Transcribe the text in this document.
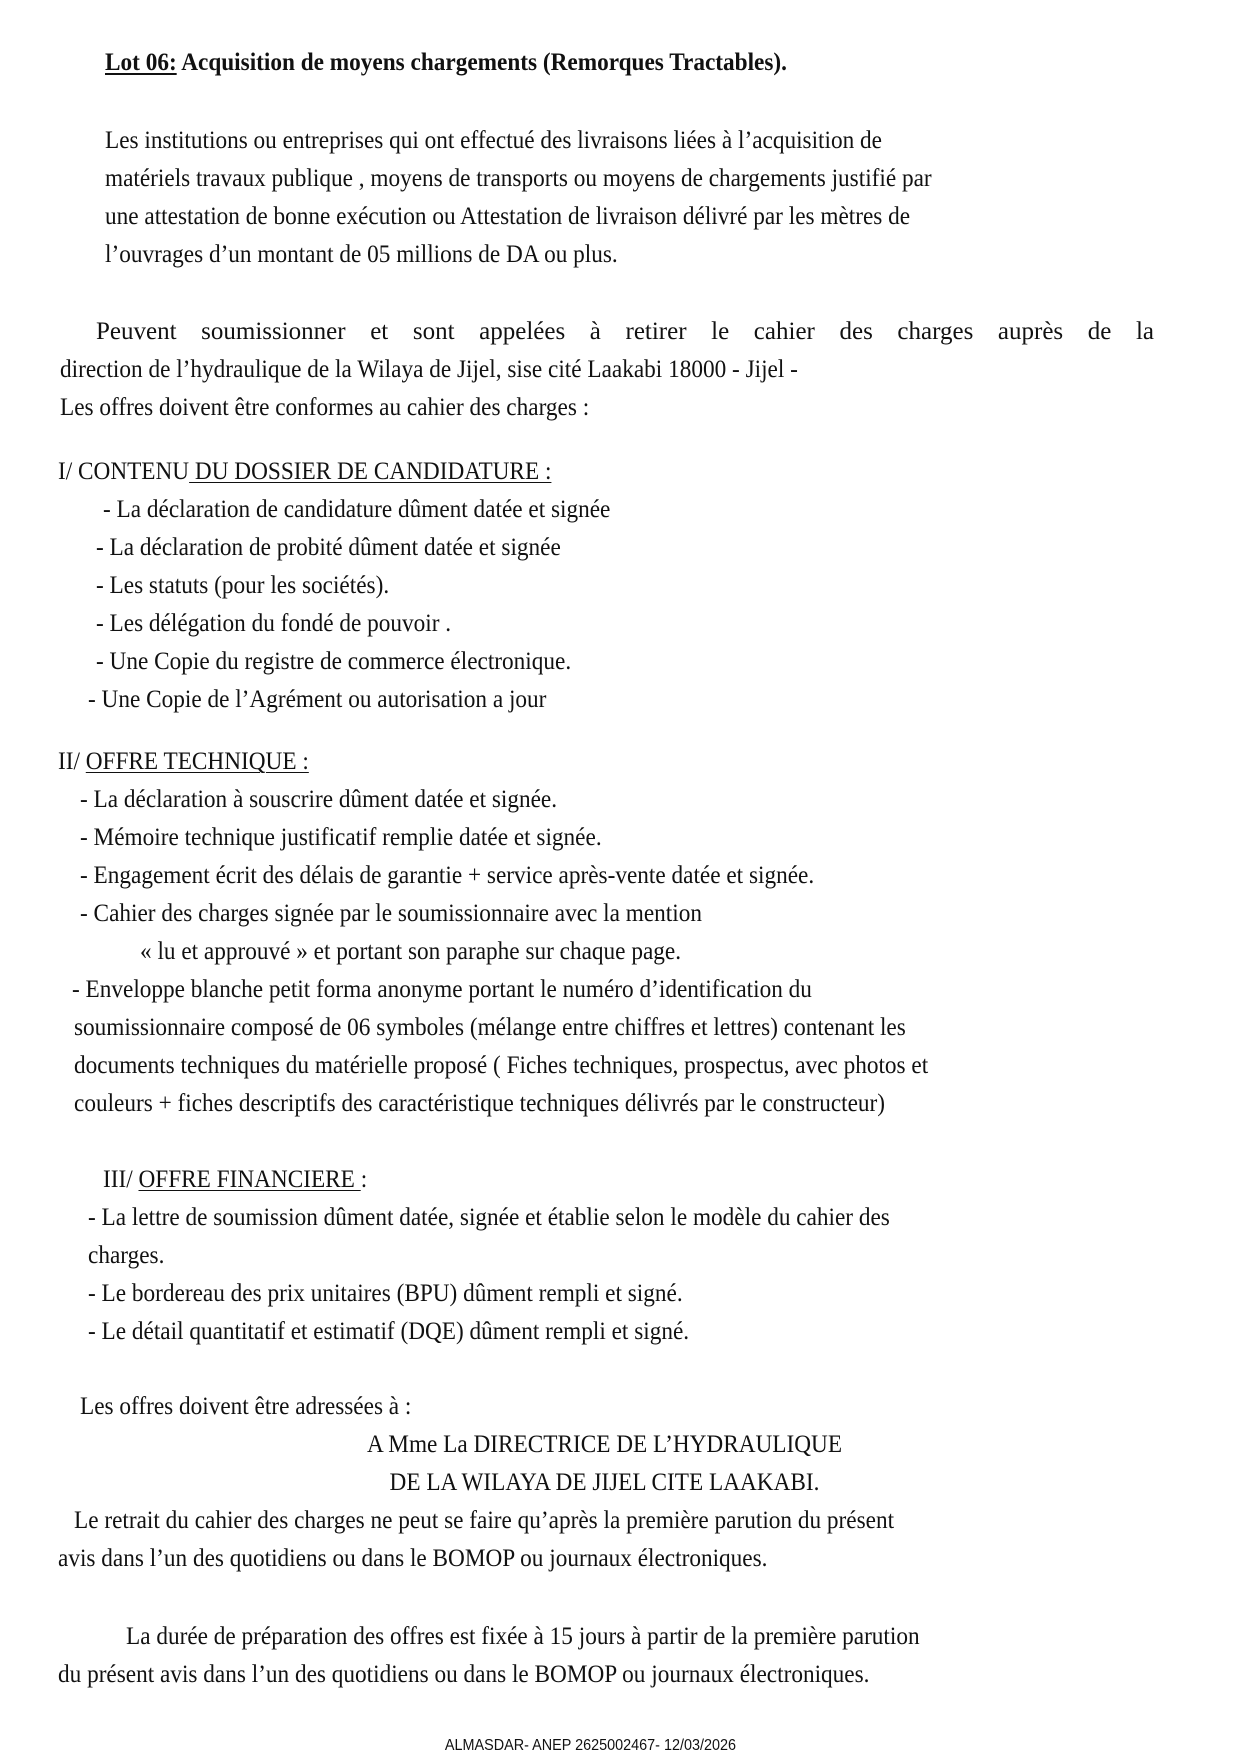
Lot 06: Acquisition de moyens chargements (Remorques Tractables).
Les institutions ou entreprises qui ont effectué des livraisons liées à l’acquisition de
matériels travaux publique , moyens de transports ou moyens de chargements justifié par
une attestation de bonne exécution ou Attestation de livraison délivré par les mètres de
l’ouvrages d’un montant de 05 millions de DA ou plus.
Peuvent soumissionner et sont appelées à retirer le cahier des charges auprès de la
direction de l’hydraulique de la Wilaya de Jijel, sise cité Laakabi 18000 - Jijel -
Les offres doivent être conformes au cahier des charges :
I/ CONTENU DU DOSSIER DE CANDIDATURE :
- La déclaration de candidature dûment datée et signée
- La déclaration de probité dûment datée et signée
- Les statuts (pour les sociétés).
- Les délégation du fondé de pouvoir .
- Une Copie du registre de commerce électronique.
- Une Copie de l’Agrément ou autorisation a jour
II/ OFFRE TECHNIQUE :
- La déclaration à souscrire dûment datée et signée.
- Mémoire technique justificatif remplie datée et signée.
- Engagement écrit des délais de garantie + service après-vente datée et signée.
- Cahier des charges signée par le soumissionnaire avec la mention
« lu et approuvé » et portant son paraphe sur chaque page.
- Enveloppe blanche petit forma anonyme portant le numéro d’identification du
soumissionnaire composé de 06 symboles (mélange entre chiffres et lettres) contenant les
documents techniques du matérielle proposé ( Fiches techniques, prospectus, avec photos et
couleurs + fiches descriptifs des caractéristique techniques délivrés par le constructeur)
III/ OFFRE FINANCIERE :
- La lettre de soumission dûment datée, signée et établie selon le modèle du cahier des
charges.
- Le bordereau des prix unitaires (BPU) dûment rempli et signé.
- Le détail quantitatif et estimatif (DQE) dûment rempli et signé.
Les offres doivent être adressées à :
A Mme La DIRECTRICE DE L’HYDRAULIQUE
DE LA WILAYA DE JIJEL CITE LAAKABI.
Le retrait du cahier des charges ne peut se faire qu’après la première parution du présent
avis dans l’un des quotidiens ou dans le BOMOP ou journaux électroniques.
La durée de préparation des offres est fixée à 15 jours à partir de la première parution
du présent avis dans l’un des quotidiens ou dans le BOMOP ou journaux électroniques.
ALMASDAR- ANEP 2625002467- 12/03/2026
